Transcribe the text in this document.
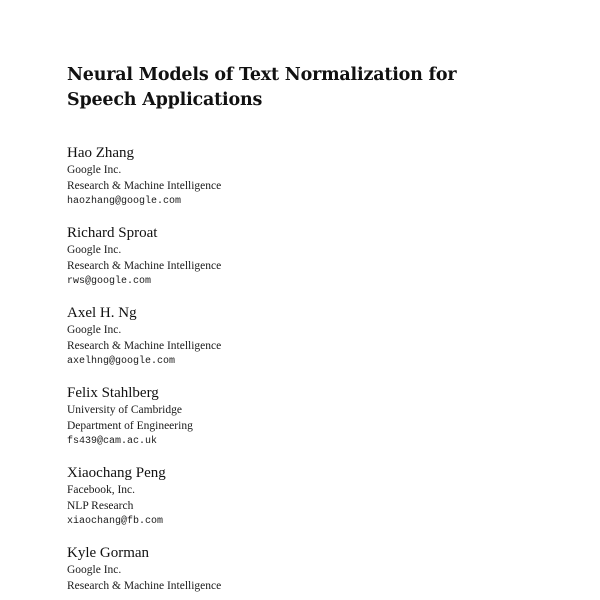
Neural Models of Text Normalization for
Speech Applications
Hao Zhang
Google Inc.
Research & Machine Intelligence
haozhang@google.com
Richard Sproat
Google Inc.
Research & Machine Intelligence
rws@google.com
Axel H. Ng
Google Inc.
Research & Machine Intelligence
axelhng@google.com
Felix Stahlberg
University of Cambridge
Department of Engineering
fs439@cam.ac.uk
Xiaochang Peng
Facebook, Inc.
NLP Research
xiaochang@fb.com
Kyle Gorman
Google Inc.
Research & Machine Intelligence
